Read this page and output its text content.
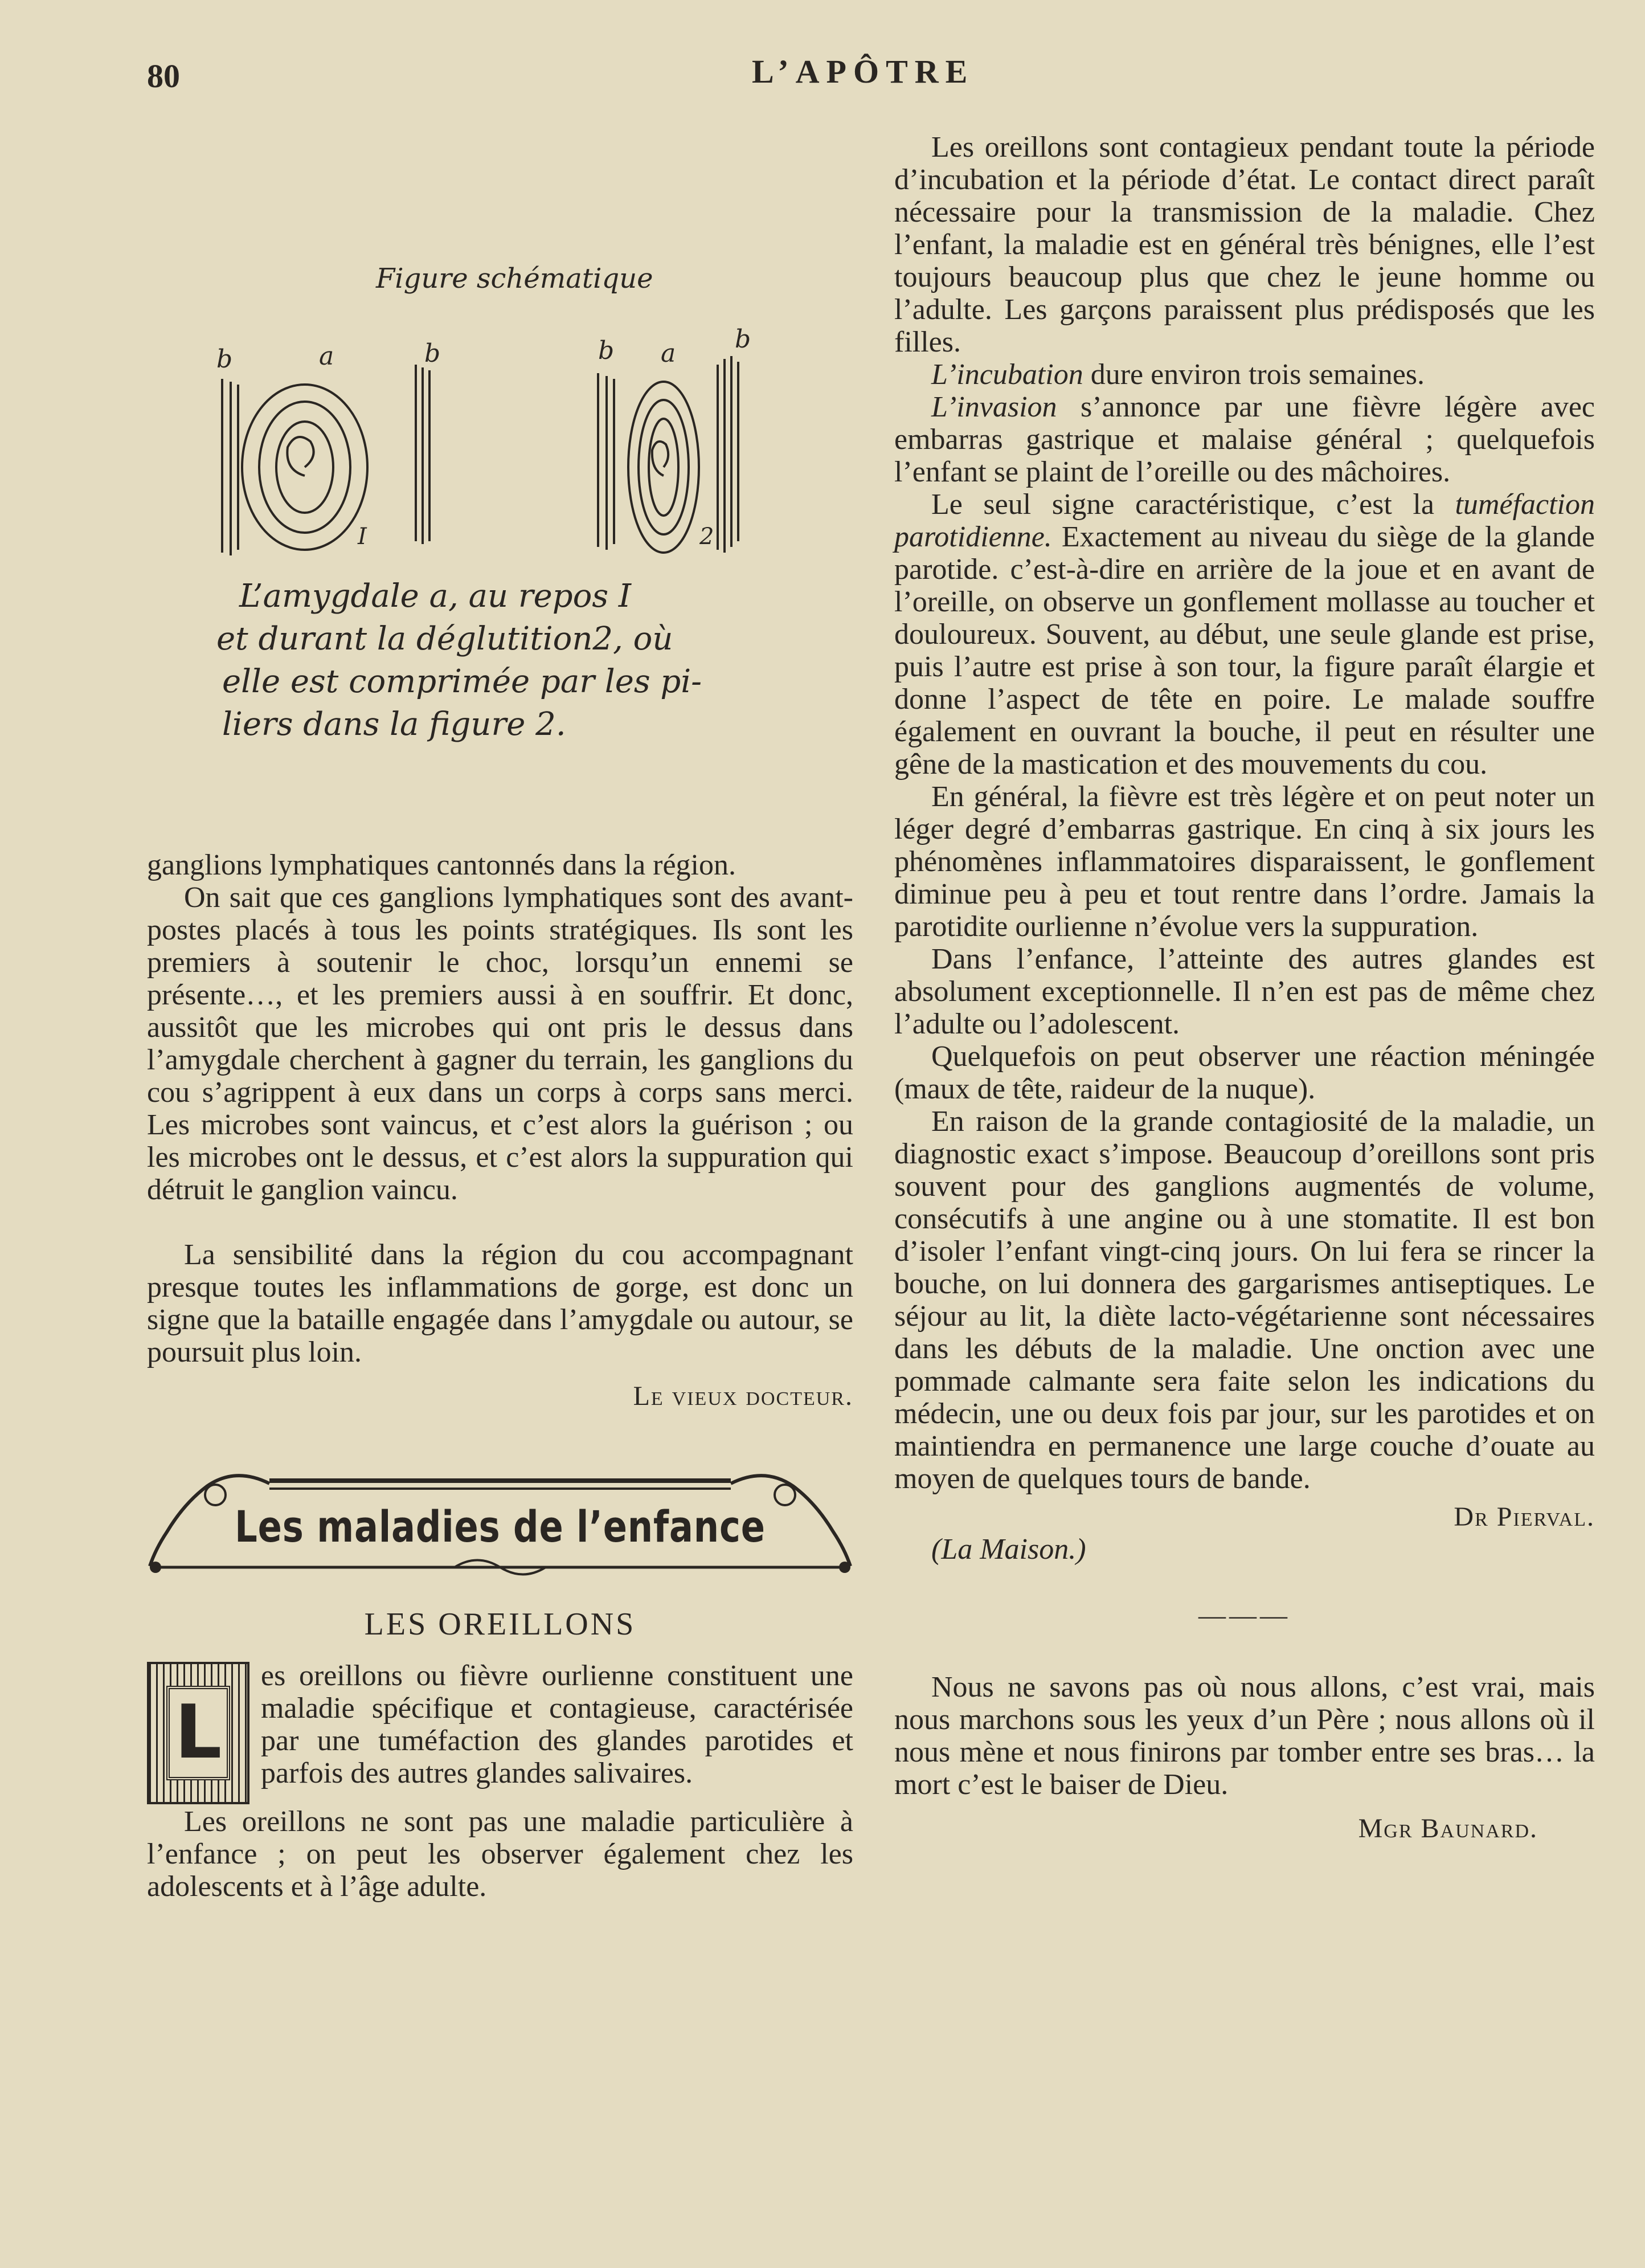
80	L’APÔTRE
Figure schématique
b	a	b	b a b
I	2
L’amygdale a, au repos I
et durant la déglutition2, où
elle est comprimée par les pi-
liers dans la figure 2.

ganglions lymphatiques cantonnés dans la région.

On sait que ces ganglions lymphatiques sont des avant-postes placés à tous les points stratégiques. Ils sont les premiers à soutenir le choc, lorsqu’un ennemi se présente…, et les premiers aussi à en souffrir. Et donc, aussitôt que les microbes qui ont pris le dessus dans l’amygdale cherchent à gagner du terrain, les ganglions du cou s’agrippent à eux dans un corps à corps sans merci. Les microbes sont vaincus, et c’est alors la guérison ; ou les microbes ont le dessus, et c’est alors la suppuration qui détruit le ganglion vaincu.

La sensibilité dans la région du cou accompagnant presque toutes les inflammations de gorge, est donc un signe que la bataille engagée dans l’amygdale ou autour, se poursuit plus loin.

Le vieux docteur.
Les maladies de l’enfance
LES OREILLONS
L

es oreillons ou fièvre ourlienne constituent une maladie spécifique et contagieuse, caractérisée par une tuméfaction des glandes parotides et parfois des autres glandes salivaires.

Les oreillons ne sont pas une maladie particulière à l’enfance ; on peut les observer également chez les adolescents et à l’âge adulte.

Les oreillons sont contagieux pendant toute la période d’incubation et la période d’état. Le contact direct paraît nécessaire pour la transmission de la maladie. Chez l’enfant, la maladie est en général très bénignes, elle l’est toujours beaucoup plus que chez le jeune homme ou l’adulte. Les garçons paraissent plus prédisposés que les filles.

L’incubation dure environ trois semaines.

L’invasion s’annonce par une fièvre légère avec embarras gastrique et malaise général ; quelquefois l’enfant se plaint de l’oreille ou des mâchoires.

Le seul signe caractéristique, c’est la tuméfaction parotidienne. Exactement au niveau du siège de la glande parotide. c’est-à-dire en arrière de la joue et en avant de l’oreille, on observe un gonflement mollasse au toucher et douloureux. Souvent, au début, une seule glande est prise, puis l’autre est prise à son tour, la figure paraît élargie et donne l’aspect de tête en poire. Le malade souffre également en ouvrant la bouche, il peut en résulter une gêne de la mastication et des mouvements du cou.

En général, la fièvre est très légère et on peut noter un léger degré d’embarras gastrique. En cinq à six jours les phénomènes inflammatoires disparaissent, le gonflement diminue peu à peu et tout rentre dans l’ordre. Jamais la parotidite ourlienne n’évolue vers la suppuration.

Dans l’enfance, l’atteinte des autres glandes est absolument exceptionnelle. Il n’en est pas de même chez l’adulte ou l’adolescent.

Quelquefois on peut observer une réaction méningée (maux de tête, raideur de la nuque).

En raison de la grande contagiosité de la maladie, un diagnostic exact s’impose. Beaucoup d’oreillons sont pris souvent pour des ganglions augmentés de volume, consécutifs à une angine ou à une stomatite. Il est bon d’isoler l’enfant vingt-cinq jours. On lui fera se rincer la bouche, on lui donnera des gargarismes antiseptiques. Le séjour au lit, la diète lacto-végétarienne sont nécessaires dans les débuts de la maladie. Une onction avec une pommade calmante sera faite selon les indications du médecin, une ou deux fois par jour, sur les parotides et on maintiendra en permanence une large couche d’ouate au moyen de quelques tours de bande.

Dr Pierval.

(La Maison.)

———

Nous ne savons pas où nous allons, c’est vrai, mais nous marchons sous les yeux d’un Père ; nous allons où il nous mène et nous finirons par tomber entre ses bras… la mort c’est le baiser de Dieu.

Mgr Baunard.
